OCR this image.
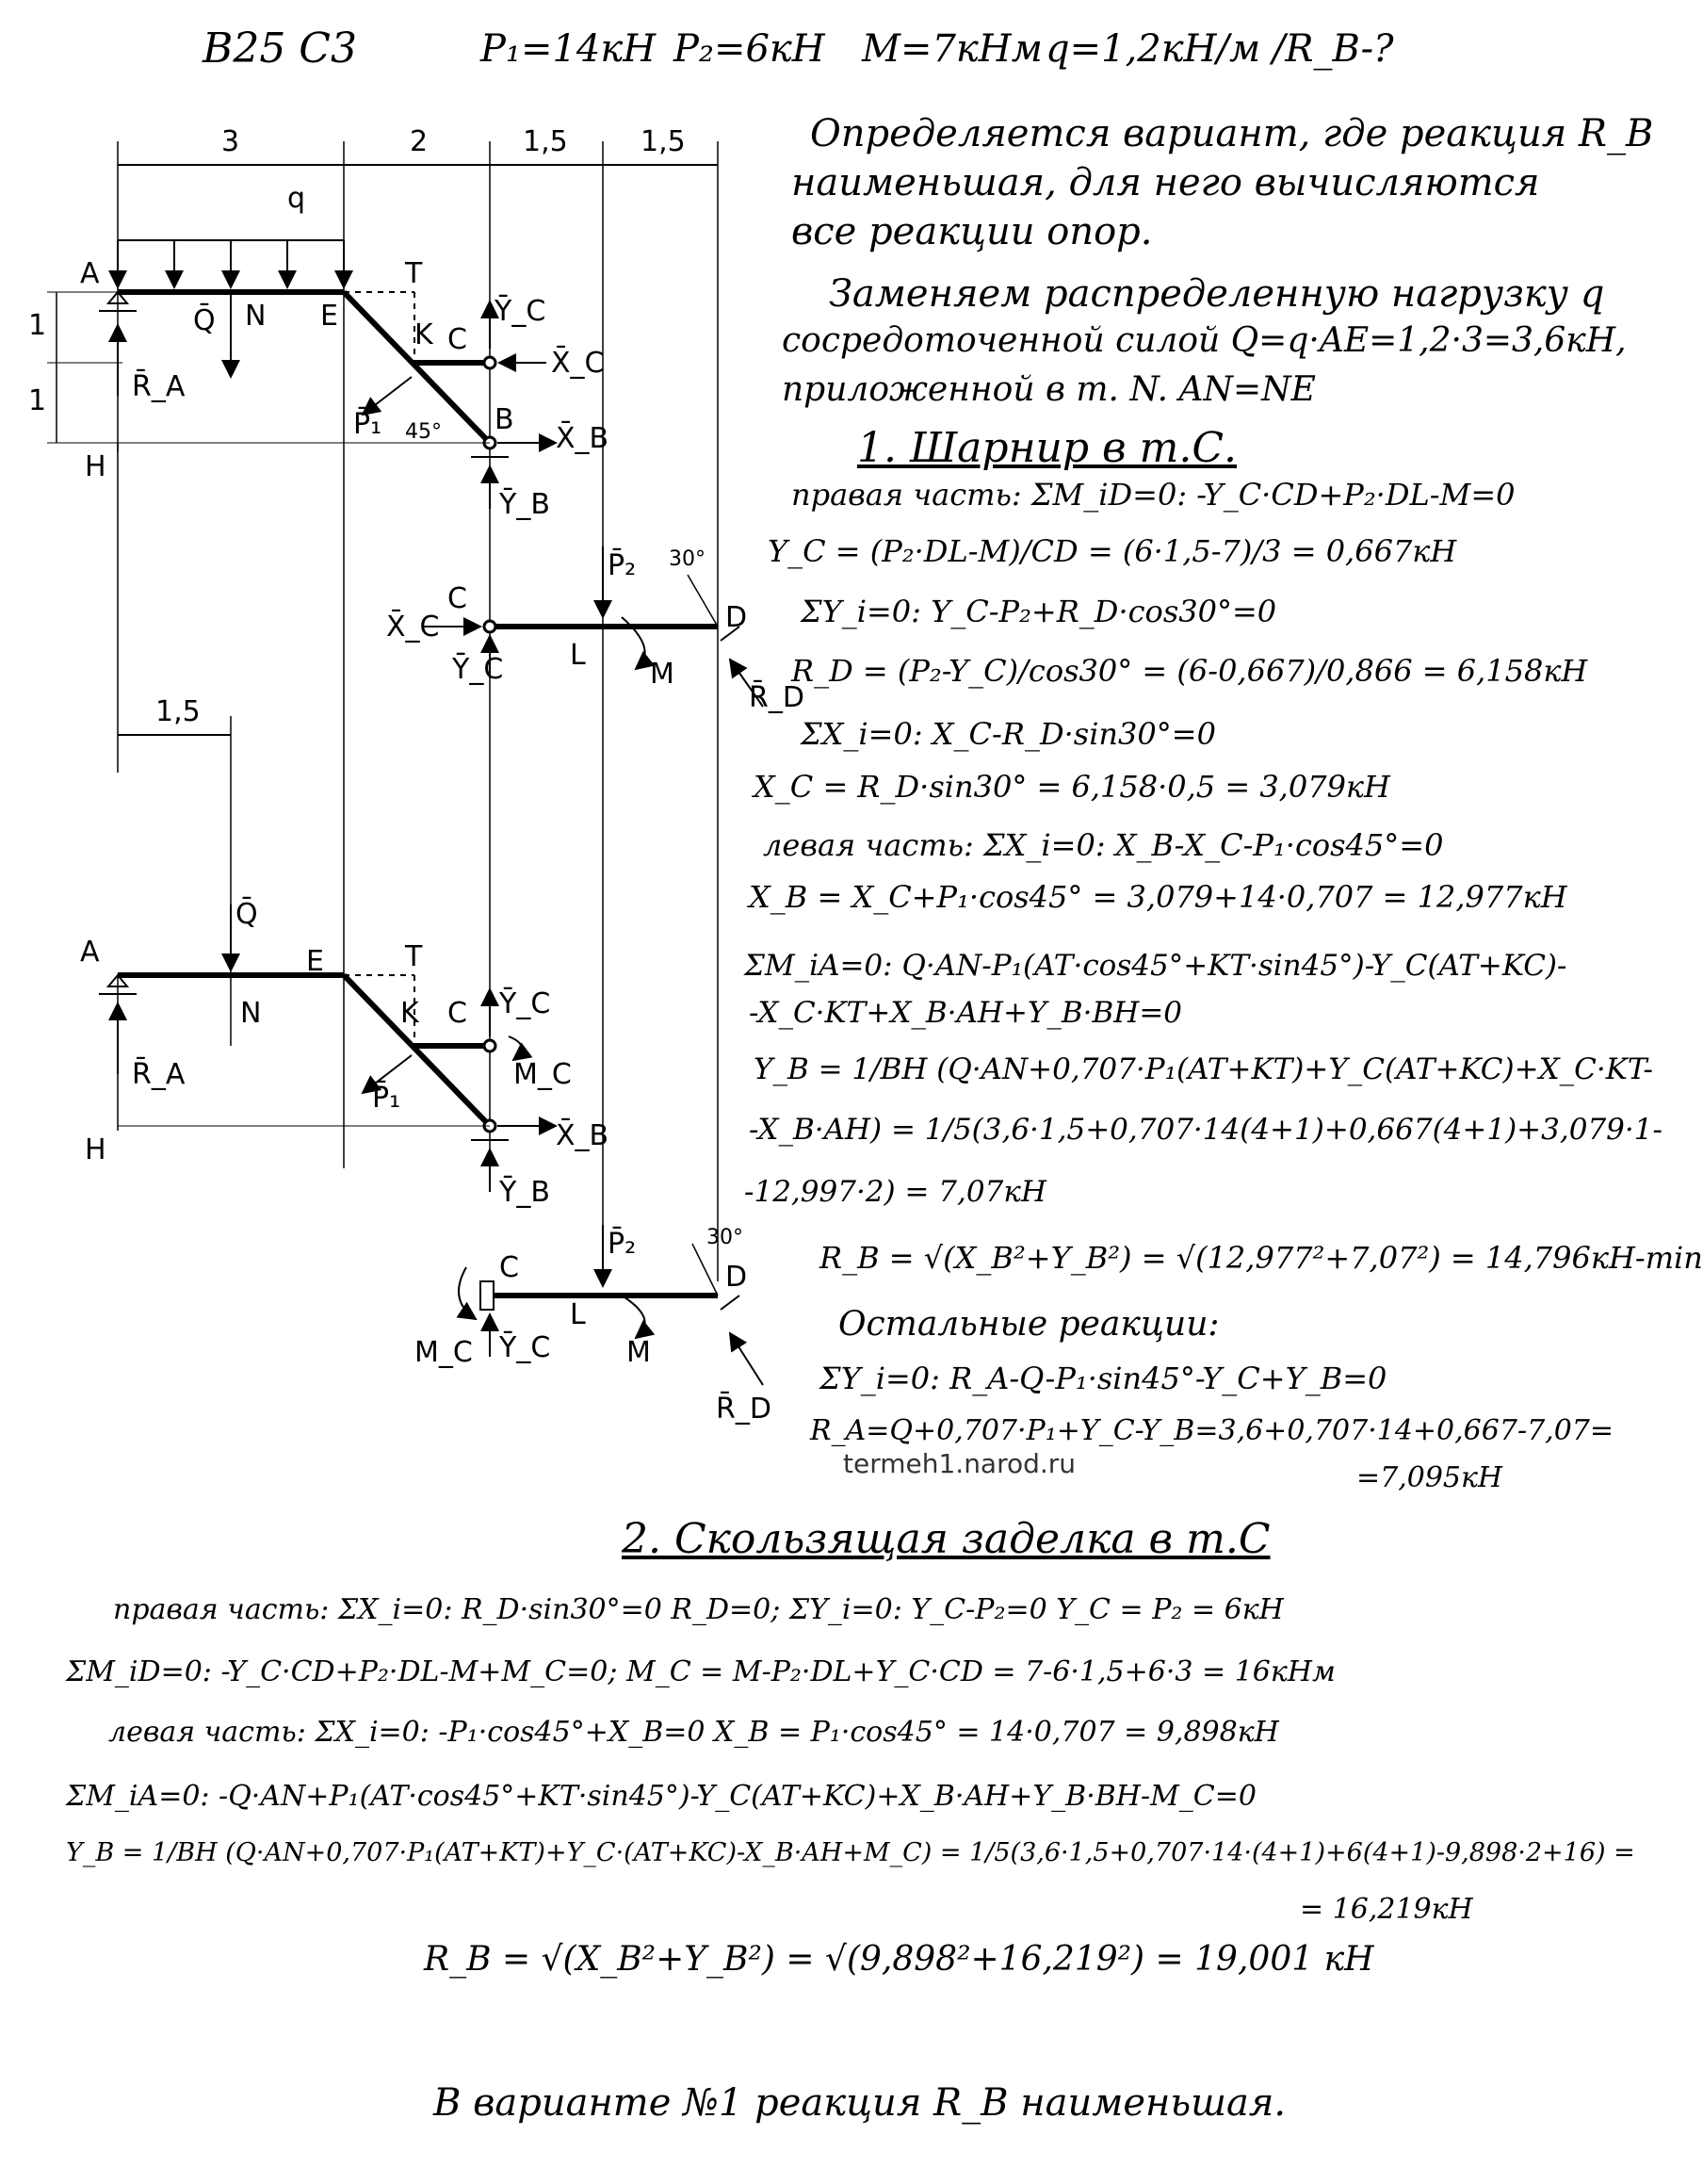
В25 С3	P₁=14кН P₂=6кН M=7кНм q=1,2кН/м /R_B-?
Определяется вариант, где реакция R_B
наименьшая, для него вычисляются
все реакции опор.
Заменяем распределенную нагрузку q
сосредоточенной силой Q=q·AE=1,2·3=3,6кН,
приложенной в т. N. AN=NE
1. Шарнир в т.С.
правая часть: ΣM_iD=0: -Y_C·CD+P₂·DL-M=0
Y_C = (P₂·DL-M)/CD = (6·1,5-7)/3 = 0,667кН
ΣY_i=0: Y_C-P₂+R_D·cos30°=0
R_D = (P₂-Y_C)/cos30° = (6-0,667)/0,866 = 6,158кН
ΣX_i=0: X_C-R_D·sin30°=0
X_C = R_D·sin30° = 6,158·0,5 = 3,079кН
левая часть: ΣX_i=0: X_B-X_C-P₁·cos45°=0
X_B = X_C+P₁·cos45° = 3,079+14·0,707 = 12,977кН
ΣM_iA=0: Q·AN-P₁(AT·cos45°+KT·sin45°)-Y_C(AT+KC)-
-X_C·KT+X_B·AH+Y_B·BH=0
Y_B = 1/BH (Q·AN+0,707·P₁(AT+KT)+Y_C(AT+KC)+X_C·KT-
-X_B·AH) = 1/5(3,6·1,5+0,707·14(4+1)+0,667(4+1)+3,079·1-
-12,997·2) = 7,07кН
R_B = √(X_B²+Y_B²) = √(12,977²+7,07²) = 14,796кН-min
Остальные реакции:
ΣY_i=0: R_A-Q-P₁·sin45°-Y_C+Y_B=0
R_A=Q+0,707·P₁+Y_C-Y_B=3,6+0,707·14+0,667-7,07=
=7,095кН
termeh1.narod.ru
2. Скользящая заделка в т.С
правая часть: ΣX_i=0: R_D·sin30°=0 R_D=0; ΣY_i=0: Y_C-P₂=0 Y_C = P₂ = 6кН
ΣM_iD=0: -Y_C·CD+P₂·DL-M+M_C=0; M_C = M-P₂·DL+Y_C·CD = 7-6·1,5+6·3 = 16кНм
левая часть: ΣX_i=0: -P₁·cos45°+X_B=0 X_B = P₁·cos45° = 14·0,707 = 9,898кН
ΣM_iA=0: -Q·AN+P₁(AT·cos45°+KT·sin45°)-Y_C(AT+KC)+X_B·AH+Y_B·BH-M_C=0
Y_B = 1/BH (Q·AN+0,707·P₁(AT+KT)+Y_C·(AT+KC)-X_B·AH+M_C) = 1/5(3,6·1,5+0,707·14·(4+1)+6(4+1)-9,898·2+16) =
= 16,219кН
R_B = √(X_B²+Y_B²) = √(9,898²+16,219²) = 19,001 кН
В варианте №1 реакция R_B наименьшая.
3	2	1,5	1,5
1
1
1,5
A
q
Q̄ N E
T
K C
Ȳ_C
X̄_C
R̄_A
P̄₁ 45° B
X̄_B
Ȳ_B
H
C
X̄_C
Ȳ_C
P̄₂ 30°
D
L
M
R̄_D
Q̄
A	E	T
N	K C Ȳ_C
M_C
P̄₁
R̄_A
H	X̄_B
Ȳ_B
C
P̄₂	30°
D
L
M
M_C Ȳ_C
R̄_D
